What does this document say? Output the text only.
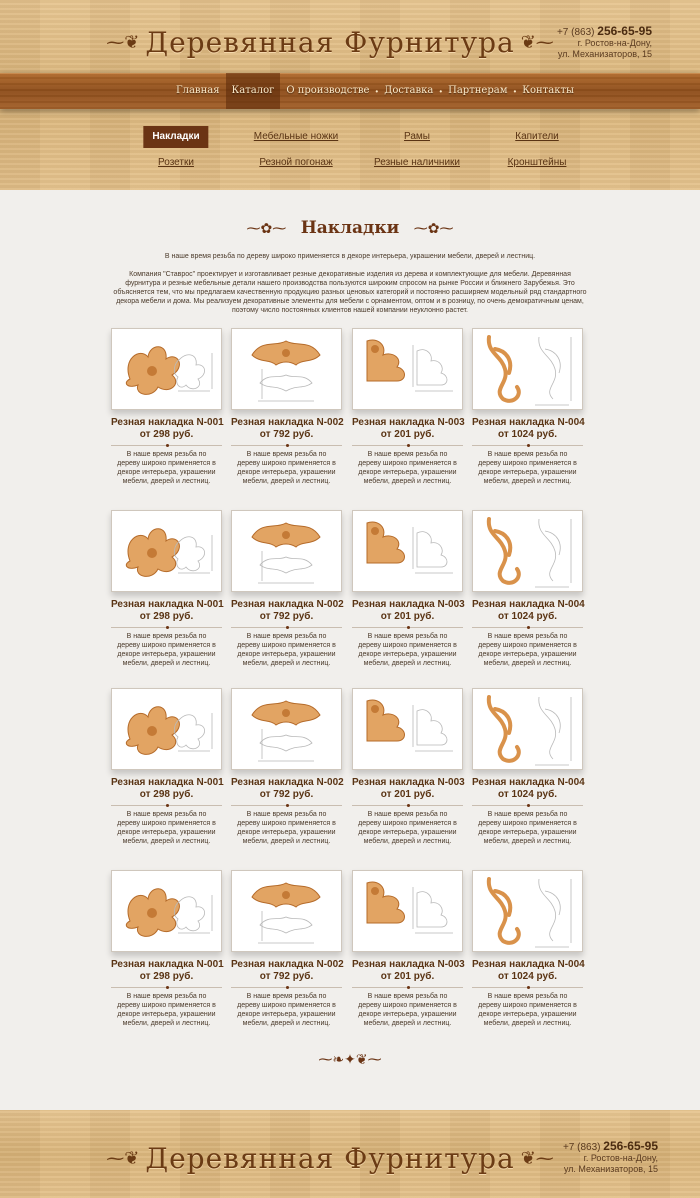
⁓❦ Деревянная Фурнитура ❦⁓ +7 (863) 256-65-95
г. Ростов-на-Дону,
ул. Механизаторов, 15
Главная	Каталог	О производстве • Доставка • Партнерам • Контакты
Накладки	Мебельные ножки	Рамы	Капители
Розетки	Резной погонаж	Резные наличники	Кронштейны
⁓✿⁓ Накладки ⁓✿⁓
В наше время резьба по дереву широко применяется в декоре интерьера, украшении мебели, дверей и лестниц.
Компания "Ставрос" проектирует и изготавливает резные декоративные изделия из дерева и комплектующие для мебели. Деревянная фурнитура и резные мебельные детали нашего производства пользуются широким спросом на рынке России и ближнего Зарубежья. Это объясняется тем, что мы предлагаем качественную продукцию разных ценовых категорий и постоянно расширяем модельный ряд стандартного декора мебели и дома. Мы реализуем декоративные элементы для мебели с орнаментом, оптом и в розницу, по очень демократичным ценам, поэтому число постоянных клиентов нашей компании неуклонно растет.
Резная накладка N-001
от 298 руб.
В наше время резьба по дереву широко применяется в декоре интерьера, украшении мебели, дверей и лестниц.
Резная накладка N-002
от 792 руб.
В наше время резьба по дереву широко применяется в декоре интерьера, украшении мебели, дверей и лестниц.
Резная накладка N-003
от 201 руб.
В наше время резьба по дереву широко применяется в декоре интерьера, украшении мебели, дверей и лестниц.
Резная накладка N-004
от 1024 руб.
В наше время резьба по дереву широко применяется в декоре интерьера, украшении мебели, дверей и лестниц.
Резная накладка N-001
от 298 руб.
В наше время резьба по дереву широко применяется в декоре интерьера, украшении мебели, дверей и лестниц.
Резная накладка N-002
от 792 руб.
В наше время резьба по дереву широко применяется в декоре интерьера, украшении мебели, дверей и лестниц.
Резная накладка N-003
от 201 руб.
В наше время резьба по дереву широко применяется в декоре интерьера, украшении мебели, дверей и лестниц.
Резная накладка N-004
от 1024 руб.
В наше время резьба по дереву широко применяется в декоре интерьера, украшении мебели, дверей и лестниц.
Резная накладка N-001
от 298 руб.
В наше время резьба по дереву широко применяется в декоре интерьера, украшении мебели, дверей и лестниц.
Резная накладка N-002
от 792 руб.
В наше время резьба по дереву широко применяется в декоре интерьера, украшении мебели, дверей и лестниц.
Резная накладка N-003
от 201 руб.
В наше время резьба по дереву широко применяется в декоре интерьера, украшении мебели, дверей и лестниц.
Резная накладка N-004
от 1024 руб.
В наше время резьба по дереву широко применяется в декоре интерьера, украшении мебели, дверей и лестниц.
Резная накладка N-001
от 298 руб.
В наше время резьба по дереву широко применяется в декоре интерьера, украшении мебели, дверей и лестниц.
Резная накладка N-002
от 792 руб.
В наше время резьба по дереву широко применяется в декоре интерьера, украшении мебели, дверей и лестниц.
Резная накладка N-003
от 201 руб.
В наше время резьба по дереву широко применяется в декоре интерьера, украшении мебели, дверей и лестниц.
Резная накладка N-004
от 1024 руб.
В наше время резьба по дереву широко применяется в декоре интерьера, украшении мебели, дверей и лестниц.
⁓❧✦❦⁓
⁓❦ Деревянная Фурнитура ❦⁓ +7 (863) 256-65-95
г. Ростов-на-Дону,
ул. Механизаторов, 15
